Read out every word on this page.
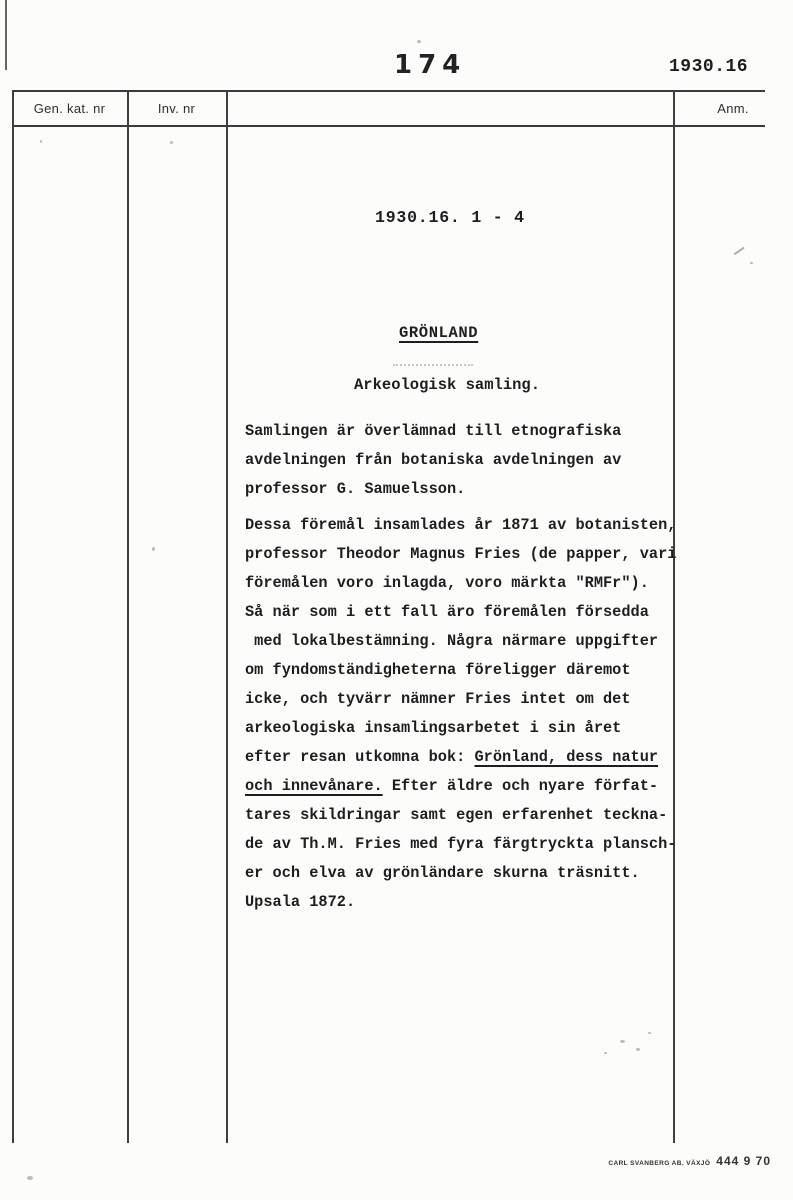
174	1930.16
Gen. kat. nr	Inv. nr	Anm.
1930.16. 1 - 4
GRÖNLAND
Arkeologisk samling.
Samlingen är överlämnad till etnografiska
avdelningen från botaniska avdelningen av
professor G. Samuelsson.
Dessa föremål insamlades år 1871 av botanisten,
professor Theodor Magnus Fries (de papper, vari
föremålen voro inlagda, voro märkta "RMFr").
Så när som i ett fall äro föremålen försedda
med lokalbestämning. Några närmare uppgifter
om fyndomständigheterna föreligger däremot
icke, och tyvärr nämner Fries intet om det
arkeologiska insamlingsarbetet i sin året
efter resan utkomna bok: Grönland, dess natur
och innevånare. Efter äldre och nyare förfat-
tares skildringar samt egen erfarenhet teckna-
de av Th.M. Fries med fyra färgtryckta plansch-
er och elva av grönländare skurna träsnitt.
Upsala 1872.
CARL SVANBERG AB. VÄXJÖ 444 9 70
